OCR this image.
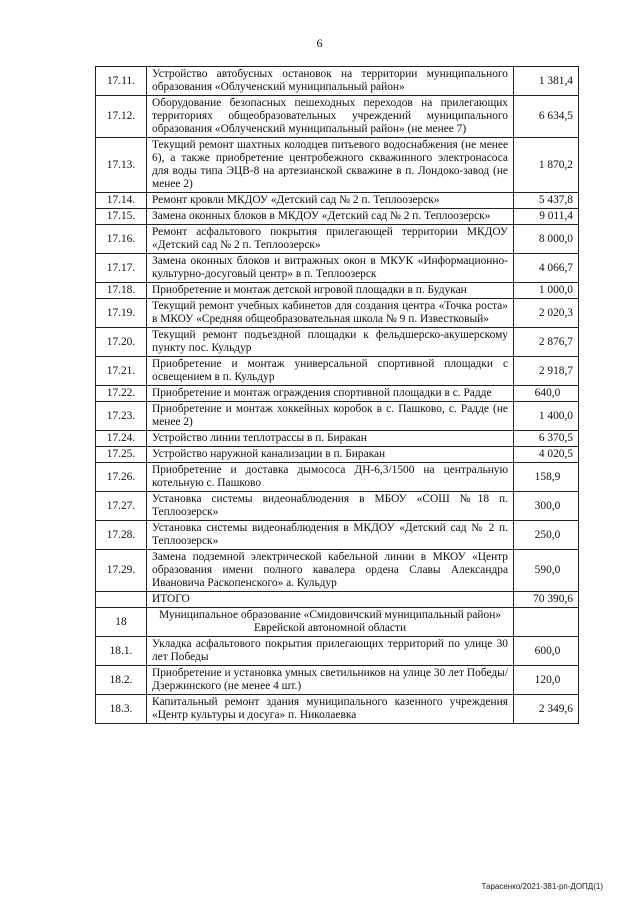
6
17.11.	Устройство автобусных остановок на территории муниципального образования «Облученский муниципальный район»	1 381,4
17.12.	Оборудование безопасных пешеходных переходов на прилегающих территориях общеобразовательных учреждений муниципального образования «Облученский муниципальный район» (не менее 7)	6 634,5
17.13.	Текущий ремонт шахтных колодцев питьевого водоснабжения (не менее 6), а также приобретение центробежного скважинного электронасоса для воды типа ЭЦВ-8 на артезианской скважине в п. Лондоко-завод (не менее 2)	1 870,2
17.14.	Ремонт кровли МКДОУ «Детский сад № 2 п. Теплоозерск»	5 437,8
17.15.	Замена оконных блоков в МКДОУ «Детский сад № 2 п. Теплоозерск»	9 011,4
17.16.	Ремонт асфальтового покрытия прилегающей территории МКДОУ «Детский сад № 2 п. Теплоозерск»	8 000,0
17.17.	Замена оконных блоков и витражных окон в МКУК «Информационно-культурно-досуговый центр» в п. Теплоозерск	4 066,7
17.18.	Приобретение и монтаж детской игровой площадки в п. Будукан	1 000,0
17.19.	Текущий ремонт учебных кабинетов для создания центра «Точка роста» в МКОУ «Средняя общеобразовательная школа № 9 п. Известковый»	2 020,3
17.20.	Текущий ремонт подъездной площадки к фельдшерско-акушерскому пункту пос. Кульдур	2 876,7
17.21.	Приобретение и монтаж универсальной спортивной площадки с освещением в п. Кульдур	2 918,7
17.22.	Приобретение и монтаж ограждения спортивной площадки в с. Радде	640,0
17.23.	Приобретение и монтаж хоккейных коробок в с. Пашково, с. Радде (не менее 2)	1 400,0
17.24.	Устройство линии теплотрассы в п. Биракан	6 370,5
17.25.	Устройство наружной канализации в п. Биракан	4 020,5
17.26.	Приобретение и доставка дымососа ДН-6,3/1500 на центральную котельную с. Пашково	158,9
17.27.	Установка системы видеонаблюдения в МБОУ «СОШ №18 п. Теплоозерск»	300,0
17.28.	Установка системы видеонаблюдения в МКДОУ «Детский сад № 2 п. Теплоозерск»	250,0
17.29.	Замена подземной электрической кабельной линии в МКОУ «Центр образования имени полного кавалера ордена Славы Александра Ивановича Раскопенского» а. Кульдур	590,0
	ИТОГО	70 390,6
18	Муниципальное образование «Смидовичский муниципальный район» Еврейской автономной области	
18.1.	Укладка асфальтового покрытия прилегающих территорий по улице 30 лет Победы	600,0
18.2.	Приобретение и установка умных светильников на улице 30 лет Победы/Дзержинского (не менее 4 шт.)	120,0
18.3.	Капитальный ремонт здания муниципального казенного учреждения «Центр культуры и досуга» п. Николаевка	2 349,6
Тарасенко/2021-381-рп-ДОПД(1)
